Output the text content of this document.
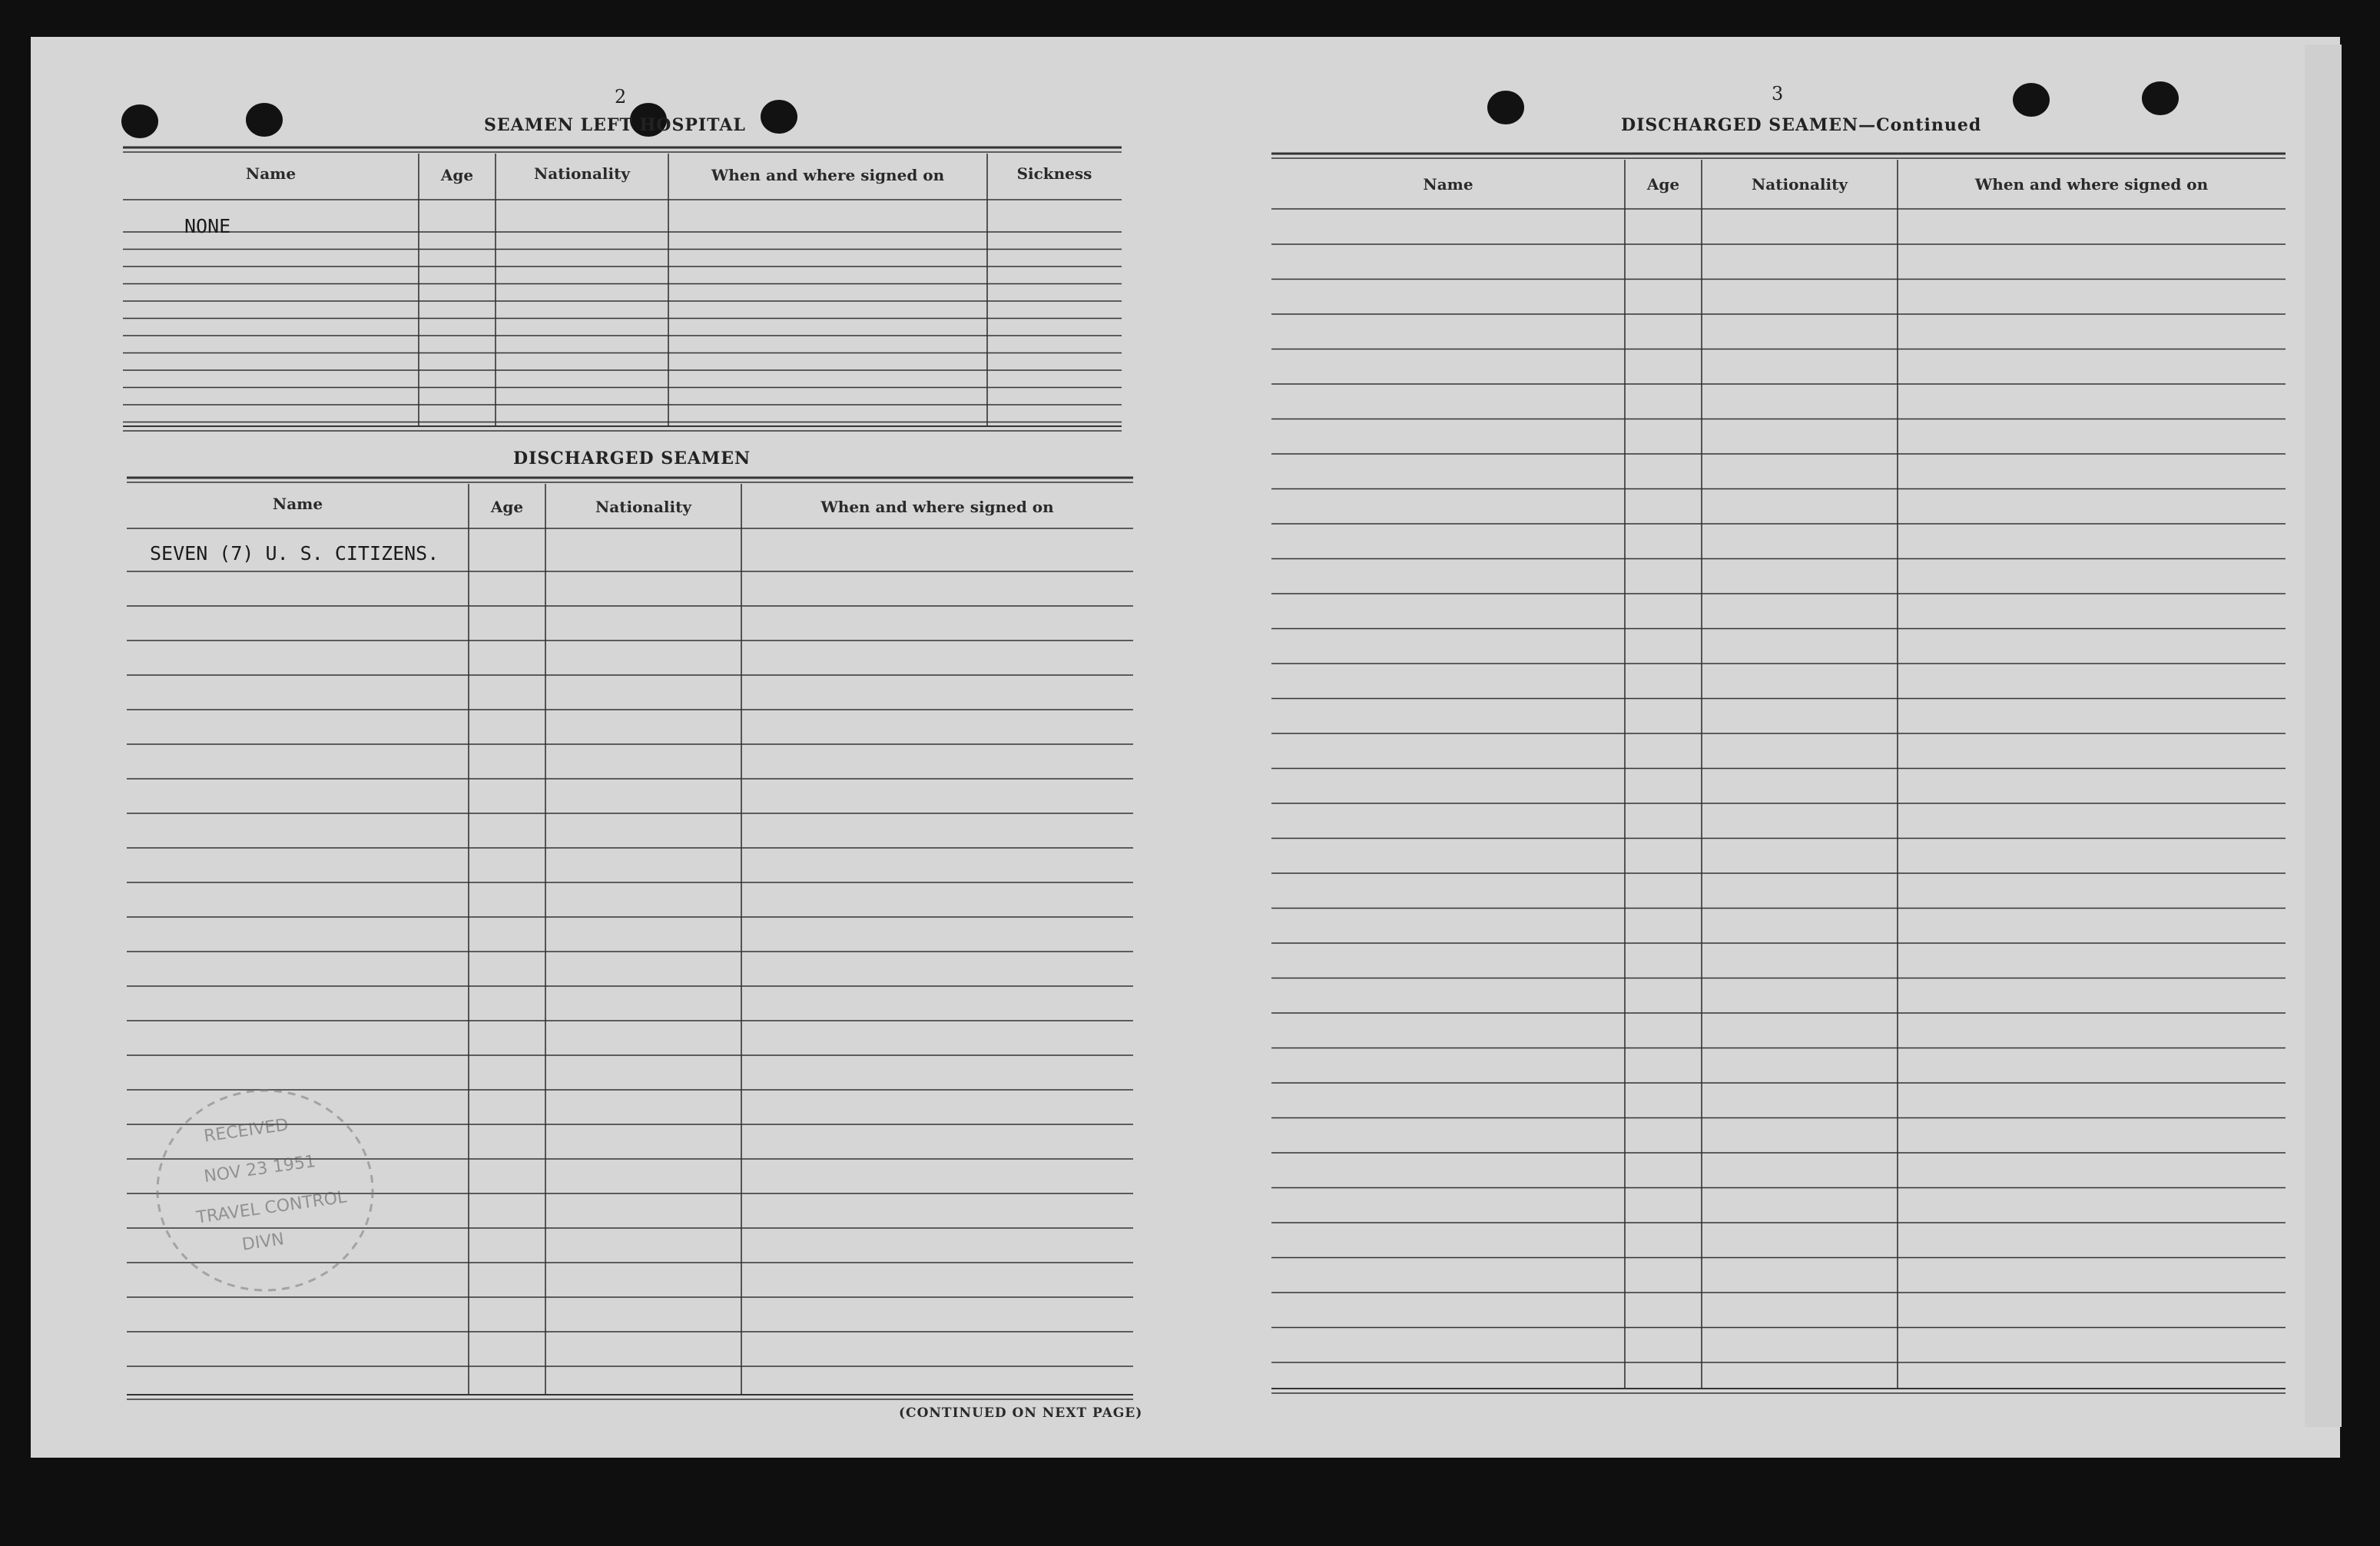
2
SEAMEN LEFT HOSPITAL
Name	Age	Nationality	When and where signed on	Sickness
NONE
DISCHARGED SEAMEN
Name	Age	Nationality	When and where signed on
SEVEN (7) U. S. CITIZENS.
(CONTINUED ON NEXT PAGE)
RECEIVED
NOV 23 1951
TRAVEL CONTROL
DIVN
3
DISCHARGED SEAMEN—Continued
Name	Age	Nationality	When and where signed on
